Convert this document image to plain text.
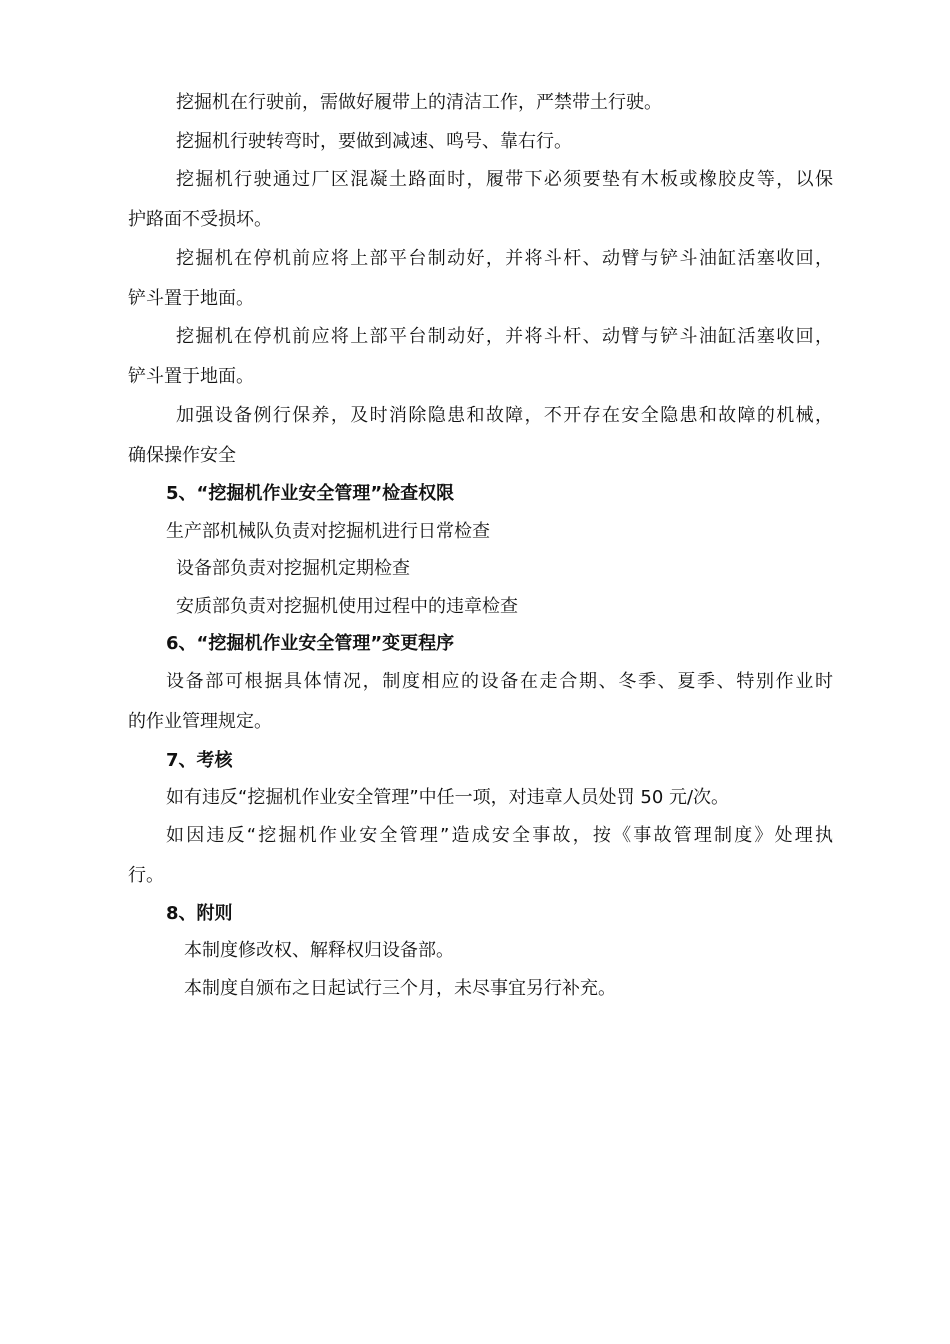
挖掘机在行驶前，需做好履带上的清洁工作，严禁带土行驶。
挖掘机行驶转弯时，要做到减速、鸣号、靠右行。
挖掘机行驶通过厂区混凝土路面时，履带下必须要垫有木板或橡胶皮等，以保
护路面不受损坏。
挖掘机在停机前应将上部平台制动好，并将斗杆、动臂与铲斗油缸活塞收回，
铲斗置于地面。
挖掘机在停机前应将上部平台制动好，并将斗杆、动臂与铲斗油缸活塞收回，
铲斗置于地面。
加强设备例行保养，及时消除隐患和故障，不开存在安全隐患和故障的机械，
确保操作安全
5、“挖掘机作业安全管理”检查权限
生产部机械队负责对挖掘机进行日常检查
设备部负责对挖掘机定期检查
安质部负责对挖掘机使用过程中的违章检查
6、“挖掘机作业安全管理”变更程序
设备部可根据具体情况，制度相应的设备在走合期、冬季、夏季、特别作业时
的作业管理规定。
7、考核
如有违反“挖掘机作业安全管理”中任一项，对违章人员处罚 50 元/次。
如因违反“挖掘机作业安全管理”造成安全事故，按《事故管理制度》处理执
行。
8、附则
本制度修改权、解释权归设备部。
本制度自颁布之日起试行三个月，未尽事宜另行补充。
